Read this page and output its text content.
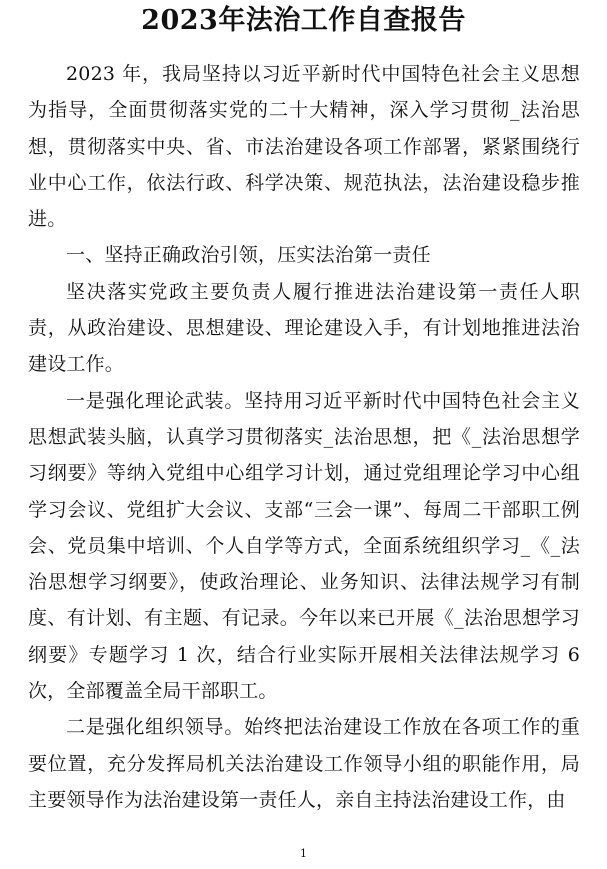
2023年法治工作自查报告

2023 年，我局坚持以习近平新时代中国特色社会主义思想为指导，全面贯彻落实党的二十大精神，深入学习贯彻_法治思想，贯彻落实中央、省、市法治建设各项工作部署，紧紧围绕行业中心工作，依法行政、科学决策、规范执法，法治建设稳步推进。

一、坚持正确政治引领，压实法治第一责任

坚决落实党政主要负责人履行推进法治建设第一责任人职责，从政治建设、思想建设、理论建设入手，有计划地推进法治建设工作。

一是强化理论武装。坚持用习近平新时代中国特色社会主义思想武装头脑，认真学习贯彻落实_法治思想，把《_法治思想学习纲要》等纳入党组中心组学习计划，通过党组理论学习中心组学习会议、党组扩大会议、支部“三会一课”、每周二干部职工例会、党员集中培训、个人自学等方式，全面系统组织学习_《_法治思想学习纲要》，使政治理论、业务知识、法律法规学习有制度、有计划、有主题、有记录。今年以来已开展《_法治思想学习纲要》专题学习 1 次，结合行业实际开展相关法律法规学习 6 次，全部覆盖全局干部职工。

二是强化组织领导。始终把法治建设工作放在各项工作的重要位置，充分发挥局机关法治建设工作领导小组的职能作用，局主要领导作为法治建设第一责任人，亲自主持法治建设工作，由

1
